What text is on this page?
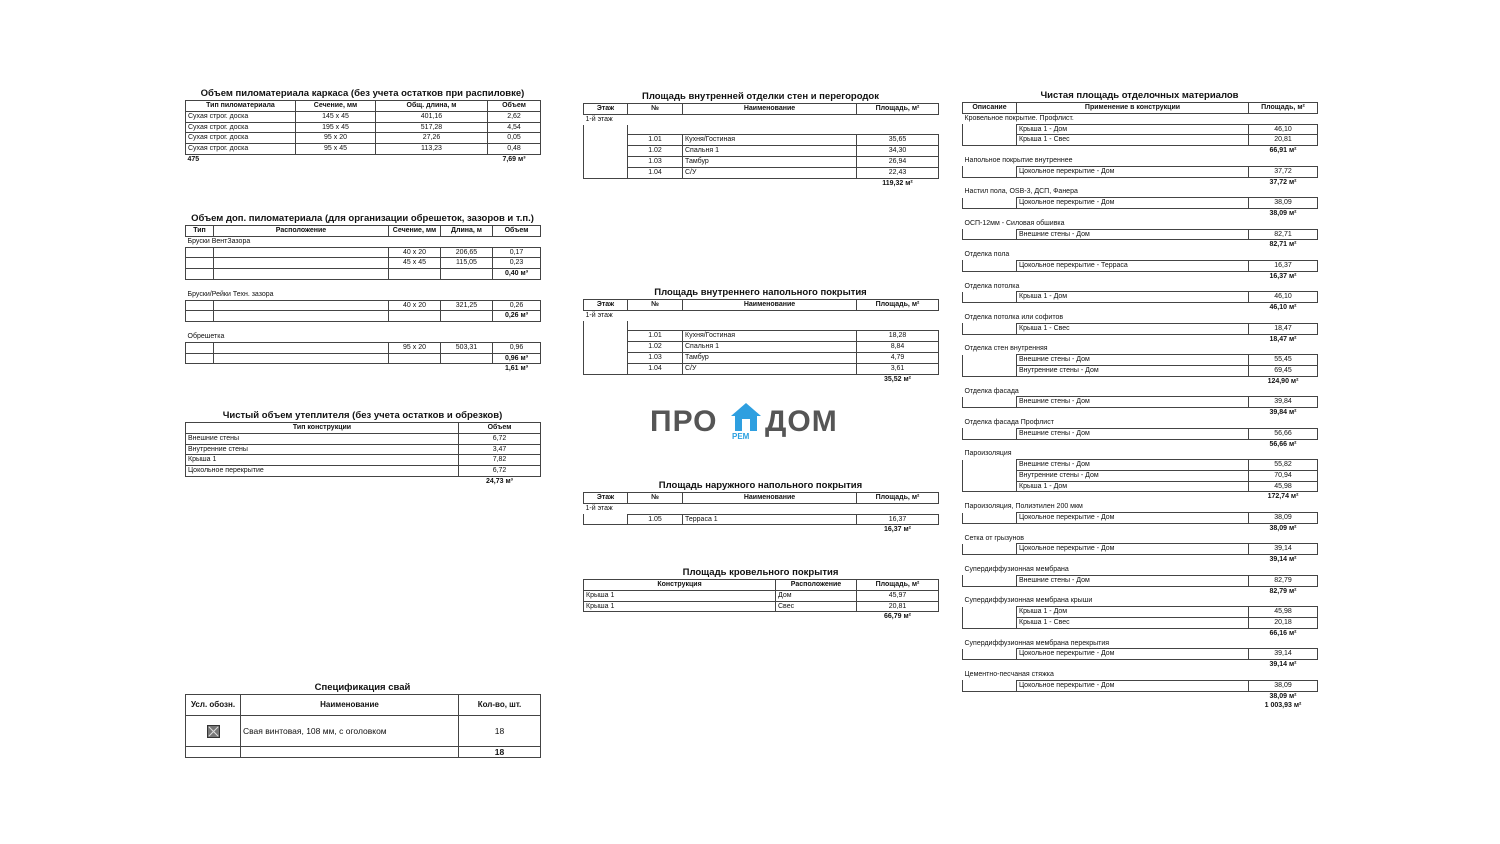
Объем пиломатериала каркаса (без учета остатков при распиловке)
Тип пиломатериала	Сечение, мм	Общ. длина, м	Объем
Сухая строг. доска	145 x 45	401,16	2,62
Сухая строг. доска	195 x 45	517,28	4,54
Сухая строг. доска	95 x 20	27,26	0,05
Сухая строг. доска	95 x 45	113,23	0,48
475			7,69 м³
Объем доп. пиломатериала (для организации обрешеток, зазоров и т.п.)
Тип	Расположение	Сечение, мм	Длина, м	Объем
Бруски ВентЗазора				
		40 x 20	206,65	0,17
		45 x 45	115,05	0,23
				0,40 м³

Бруски/Рейки Техн. зазора				
		40 x 20	321,25	0,26
				0,26 м³

Обрешетка				
		95 x 20	503,31	0,96
				0,96 м³
				1,61 м³
Чистый объем утеплителя (без учета остатков и обрезков)
Тип конструкции	Объем
Внешние стены	6,72
Внутренние стены	3,47
Крыша 1	7,82
Цокольное перекрытие	6,72
	24,73 м³
Спецификация свай
Усл. обозн.	Наименование	Кол-во, шт.
	Свая винтовая, 108 мм, с оголовком	18
		18
Площадь внутренней отделки стен и перегородок
Этаж	№	Наименование	Площадь, м²
1-й этаж			

	1.01	Кухня/Гостиная	35,65
	1.02	Спальня 1	34,30
	1.03	Тамбур	26,94
	1.04	С/У	22,43
			119,32 м²
Площадь внутреннего напольного покрытия
Этаж	№	Наименование	Площадь, м²
1-й этаж			

	1.01	Кухня/Гостиная	18,28
	1.02	Спальня 1	8,84
	1.03	Тамбур	4,79
	1.04	С/У	3,61
			35,52 м²
ПРО РЕМ ДОМ
Площадь наружного напольного покрытия
Этаж	№	Наименование	Площадь, м²
1-й этаж			
	1.05	Терраса 1	16,37
			16,37 м²
Площадь кровельного покрытия
Конструкция	Расположение	Площадь, м²
Крыша 1	Дом	45,97
Крыша 1	Свес	20,81
		66,79 м²
Чистая площадь отделочных материалов
Описание	Применение в конструкции	Площадь, м²
Кровельное покрытие. Профлист.		
	Крыша 1 - Дом	46,10
	Крыша 1 - Свес	20,81
		66,91 м²
Напольное покрытие внутреннее		
	Цокольное перекрытие - Дом	37,72
		37,72 м²
Настил пола, OSB-3, ДСП, Фанера		
	Цокольное перекрытие - Дом	38,09
		38,09 м²
ОСП-12мм - Силовая обшивка		
	Внешние стены - Дом	82,71
		82,71 м²
Отделка пола		
	Цокольное перекрытие - Терраса	16,37
		16,37 м²
Отделка потолка		
	Крыша 1 - Дом	46,10
		46,10 м²
Отделка потолка или софитов		
	Крыша 1 - Свес	18,47
		18,47 м²
Отделка стен внутренняя		
	Внешние стены - Дом	55,45
	Внутренние стены - Дом	69,45
		124,90 м²
Отделка фасада		
	Внешние стены - Дом	39,84
		39,84 м²
Отделка фасада Профлист		
	Внешние стены - Дом	56,66
		56,66 м²
Пароизоляция		
	Внешние стены - Дом	55,82
	Внутренние стены - Дом	70,94
	Крыша 1 - Дом	45,98
		172,74 м²
Пароизоляция, Полиэтилен 200 мкм		
	Цокольное перекрытие - Дом	38,09
		38,09 м²
Сетка от грызунов		
	Цокольное перекрытие - Дом	39,14
		39,14 м²
Супердиффузионная мембрана		
	Внешние стены - Дом	82,79
		82,79 м²
Супердиффузионная мембрана крыши		
	Крыша 1 - Дом	45,98
	Крыша 1 - Свес	20,18
		66,16 м²
Супердиффузионная мембрана перекрытия		
	Цокольное перекрытие - Дом	39,14
		39,14 м²
Цементно-песчаная стяжка		
	Цокольное перекрытие - Дом	38,09
		38,09 м²
		1 003,93 м²
